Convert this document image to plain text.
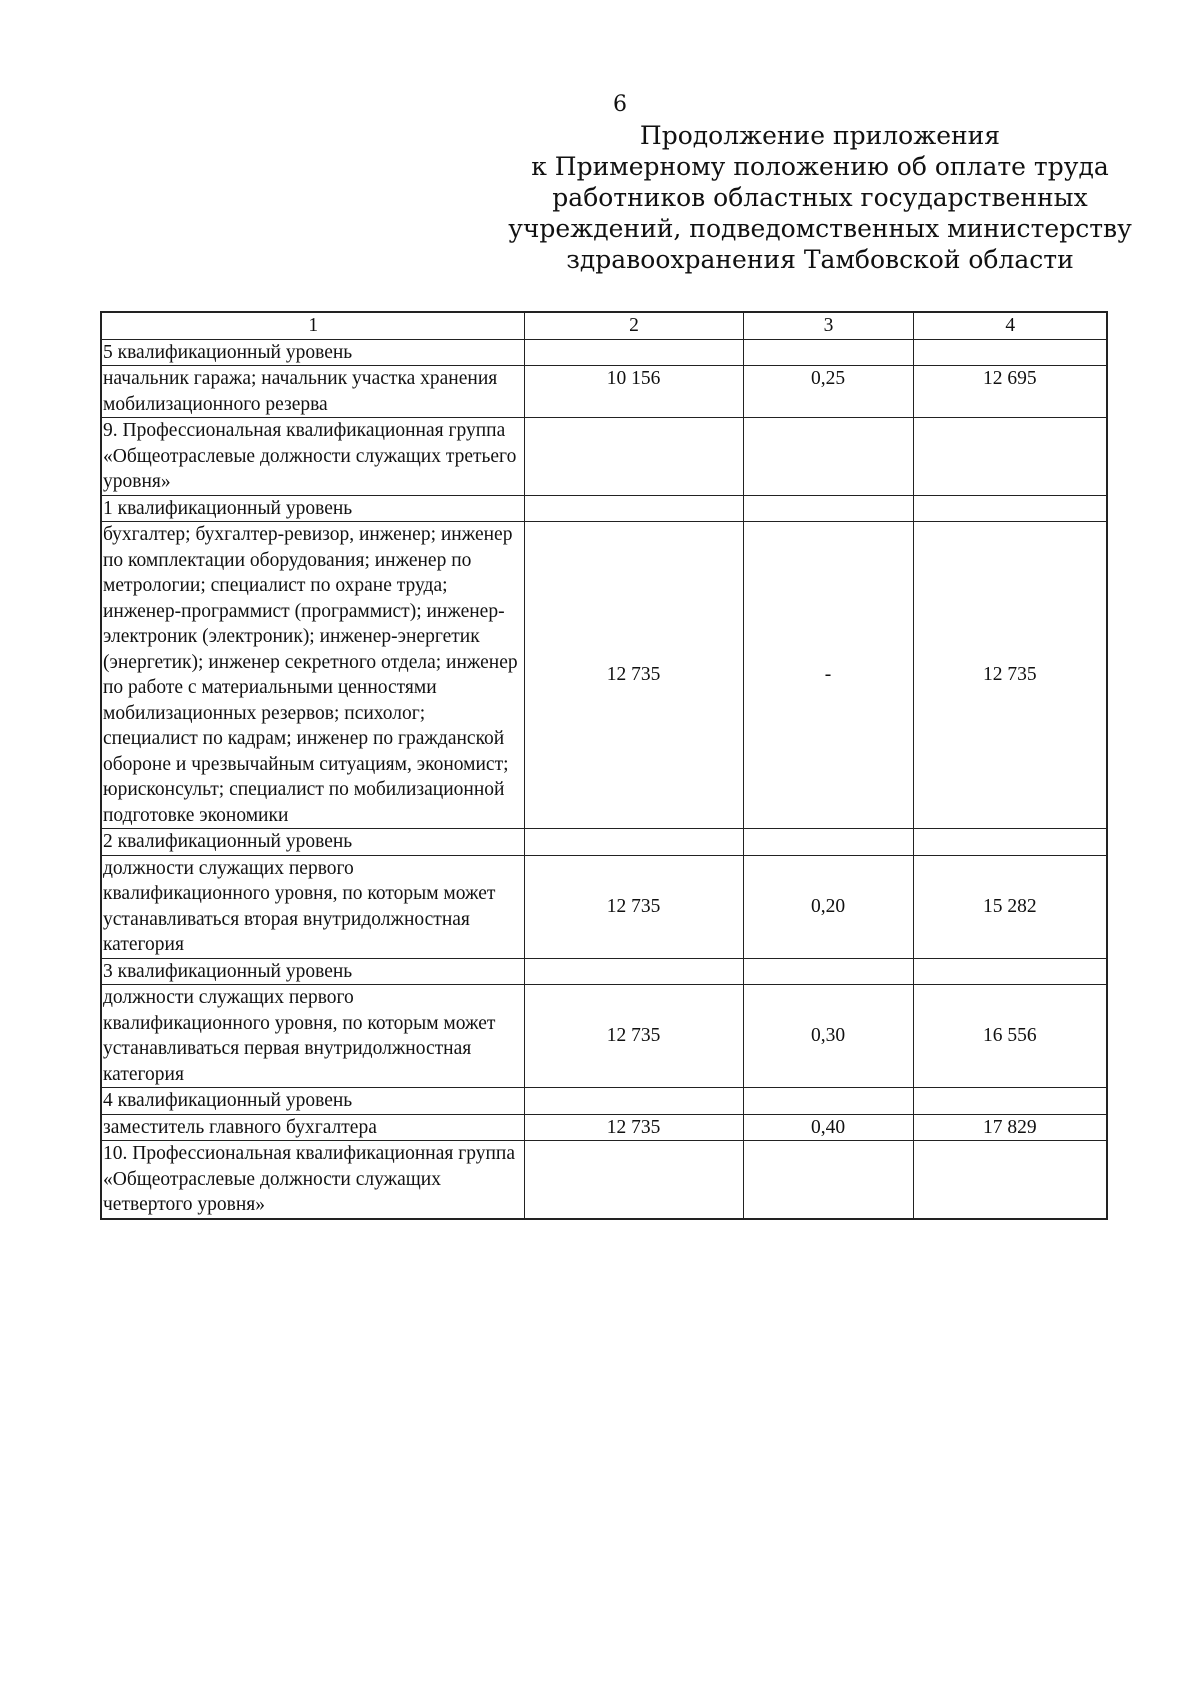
6
Продолжение приложения
к Примерному положению об оплате труда
работников областных государственных
учреждений, подведомственных министерству
здравоохранения Тамбовской области
1	2	3	4
5 квалификационный уровень			
начальник гаража; начальник участка хранения мобилизационного резерва	10 156	0,25	12 695
9. Профессиональная квалификационная группа «Общеотраслевые должности служащих третьего уровня»			
1 квалификационный уровень			
бухгалтер; бухгалтер-ревизор, инженер; инженер по комплектации оборудования; инженер по метрологии; специалист по охране труда; инженер-программист (программист); инженер-электроник (электроник); инженер-энергетик (энергетик); инженер секретного отдела; инженер по работе с материальными ценностями мобилизационных резервов; психолог; специалист по кадрам; инженер по гражданской обороне и чрезвычайным ситуациям, экономист; юрисконсульт; специалист по мобилизационной подготовке экономики	12 735	-	12 735
2 квалификационный уровень			
должности служащих первого квалификационного уровня, по которым может устанавливаться вторая внутридолжностная категория	12 735	0,20	15 282
3 квалификационный уровень			
должности служащих первого квалификационного уровня, по которым может устанавливаться первая внутридолжностная категория	12 735	0,30	16 556
4 квалификационный уровень			
заместитель главного бухгалтера	12 735	0,40	17 829
10. Профессиональная квалификационная группа «Общеотраслевые должности служащих четвертого уровня»			
